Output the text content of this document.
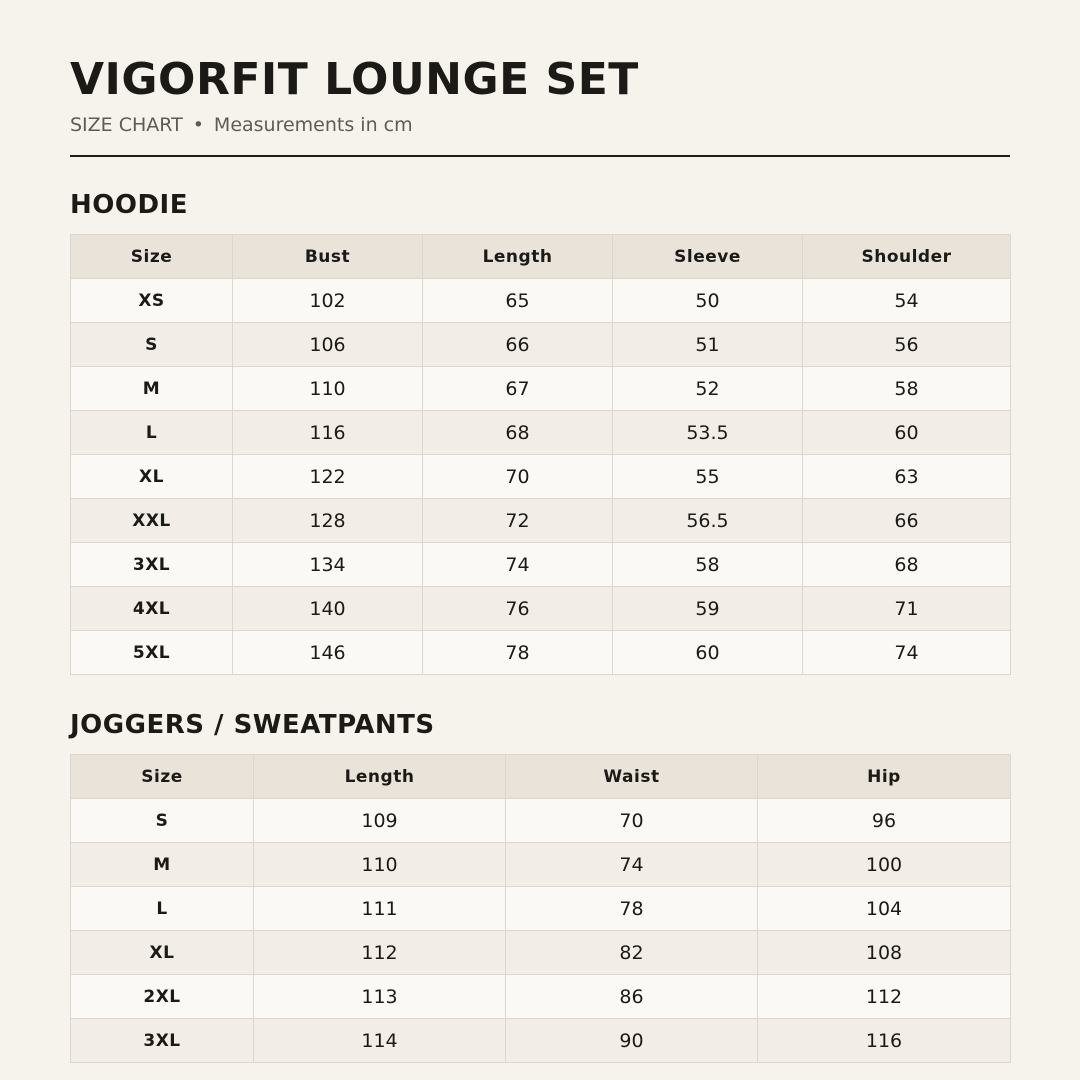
VIGORFIT LOUNGE SET
SIZE CHART • Measurements in cm
HOODIE
Size	Bust	Length	Sleeve	Shoulder
XS	102	65	50	54
S	106	66	51	56
M	110	67	52	58
L	116	68	53.5	60
XL	122	70	55	63
XXL	128	72	56.5	66
3XL	134	74	58	68
4XL	140	76	59	71
5XL	146	78	60	74
JOGGERS / SWEATPANTS
Size	Length	Waist	Hip
S	109	70	96
M	110	74	100
L	111	78	104
XL	112	82	108
2XL	113	86	112
3XL	114	90	116
